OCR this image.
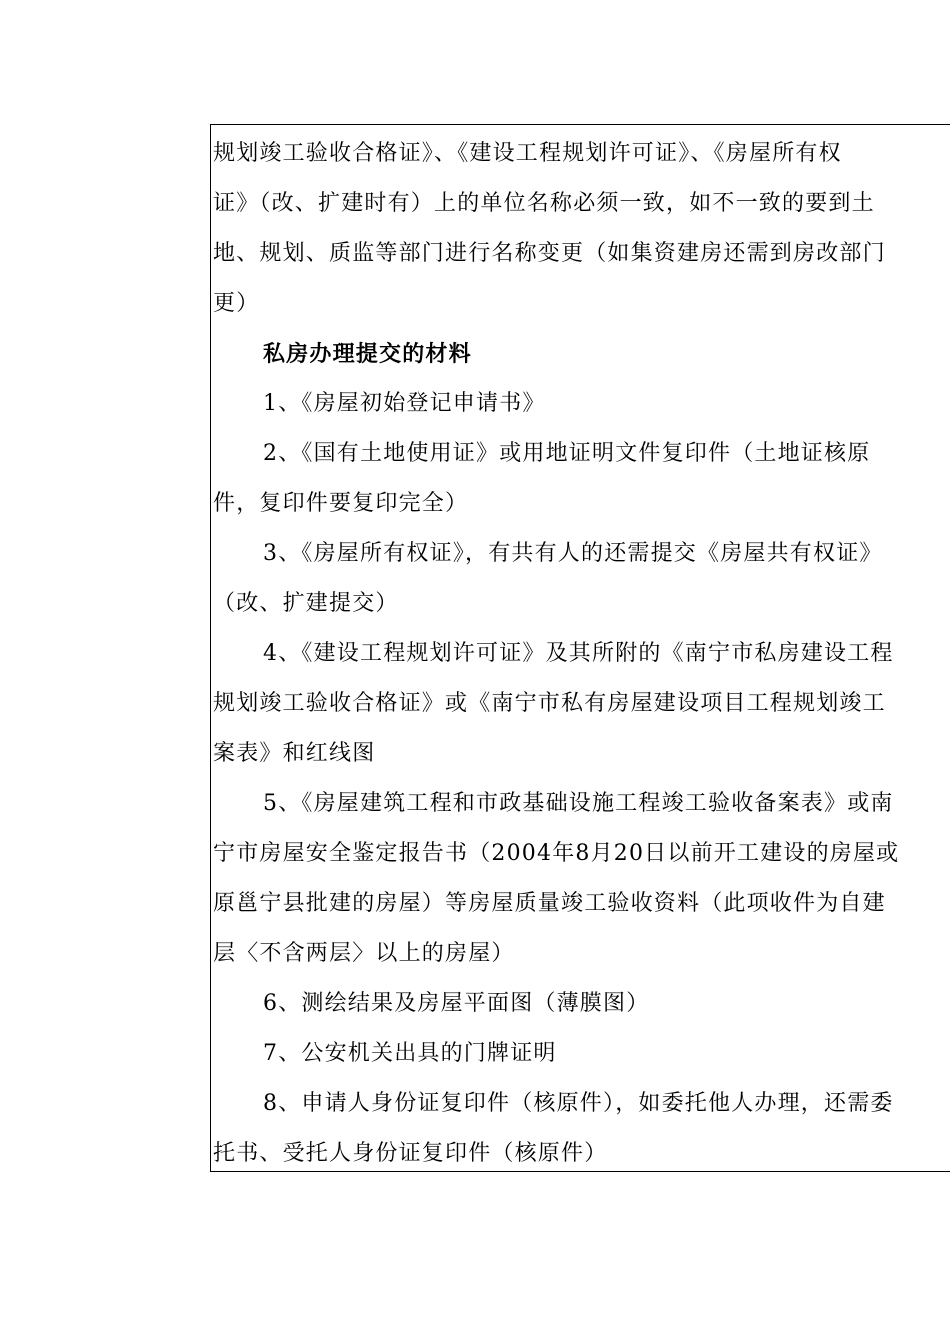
规划竣工验收合格证》、《建设工程规划许可证》、《房屋所有权
证》（改、扩建时有）上的单位名称必须一致，如不一致的要到土
地、规划、质监等部门进行名称变更（如集资建房还需到房改部门
更）
私房办理提交的材料
1、《房屋初始登记申请书》
2、《国有土地使用证》或用地证明文件复印件（土地证核原
件，复印件要复印完全）
3、《房屋所有权证》，有共有人的还需提交《房屋共有权证》
（改、扩建提交）
4、《建设工程规划许可证》及其所附的《南宁市私房建设工程
规划竣工验收合格证》或《南宁市私有房屋建设项目工程规划竣工
案表》和红线图
5、《房屋建筑工程和市政基础设施工程竣工验收备案表》或南
宁市房屋安全鉴定报告书（2004年8月20日以前开工建设的房屋或
原邕宁县批建的房屋）等房屋质量竣工验收资料（此项收件为自建
层〈不含两层〉以上的房屋）
6、测绘结果及房屋平面图（薄膜图）
7、公安机关出具的门牌证明
8、申请人身份证复印件（核原件），如委托他人办理，还需委
托书、受托人身份证复印件（核原件）
